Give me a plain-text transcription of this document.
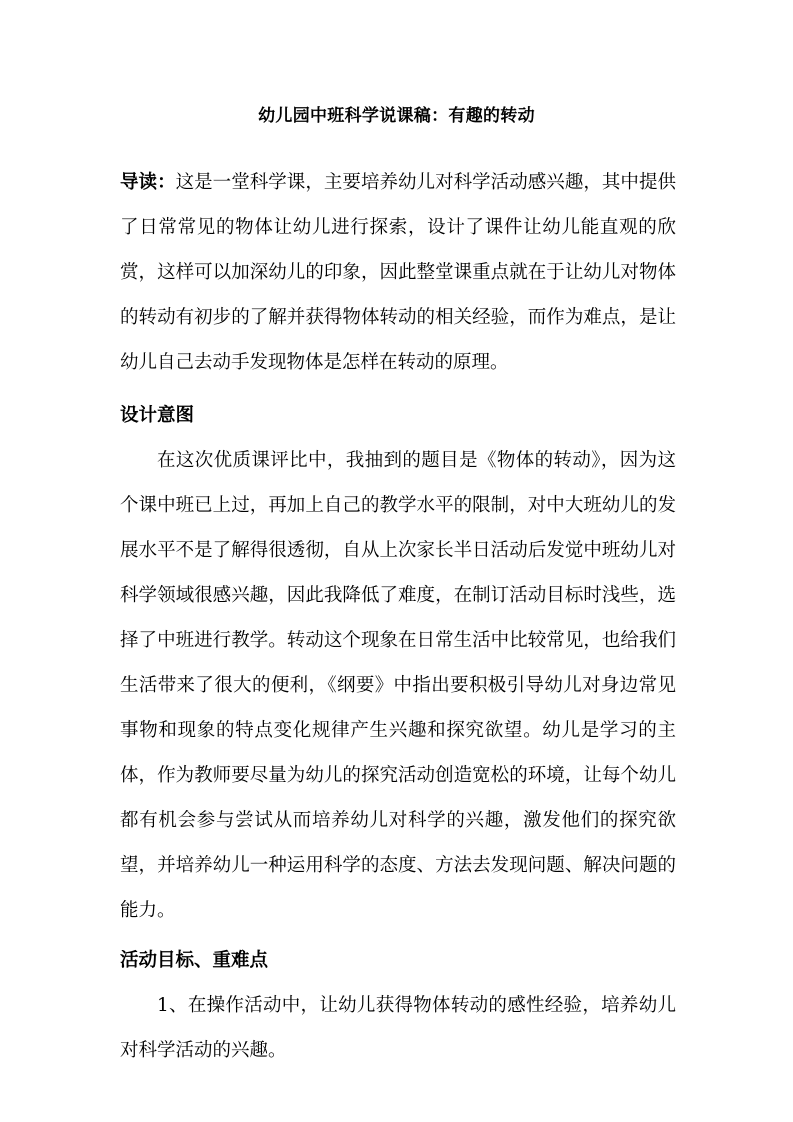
幼儿园中班科学说课稿：有趣的转动

导读：这是一堂科学课，主要培养幼儿对科学活动感兴趣，其中提供了日常常见的物体让幼儿进行探索，设计了课件让幼儿能直观的欣赏，这样可以加深幼儿的印象，因此整堂课重点就在于让幼儿对物体的转动有初步的了解并获得物体转动的相关经验，而作为难点，是让幼儿自己去动手发现物体是怎样在转动的原理。

设计意图

在这次优质课评比中，我抽到的题目是《物体的转动》，因为这个课中班已上过，再加上自己的教学水平的限制，对中大班幼儿的发展水平不是了解得很透彻，自从上次家长半日活动后发觉中班幼儿对科学领域很感兴趣，因此我降低了难度，在制订活动目标时浅些，选择了中班进行教学。转动这个现象在日常生活中比较常见，也给我们生活带来了很大的便利，《纲要》中指出要积极引导幼儿对身边常见事物和现象的特点变化规律产生兴趣和探究欲望。幼儿是学习的主体，作为教师要尽量为幼儿的探究活动创造宽松的环境，让每个幼儿都有机会参与尝试从而培养幼儿对科学的兴趣，激发他们的探究欲望，并培养幼儿一种运用科学的态度、方法去发现问题、解决问题的能力。

活动目标、重难点

1、在操作活动中，让幼儿获得物体转动的感性经验，培养幼儿对科学活动的兴趣。
